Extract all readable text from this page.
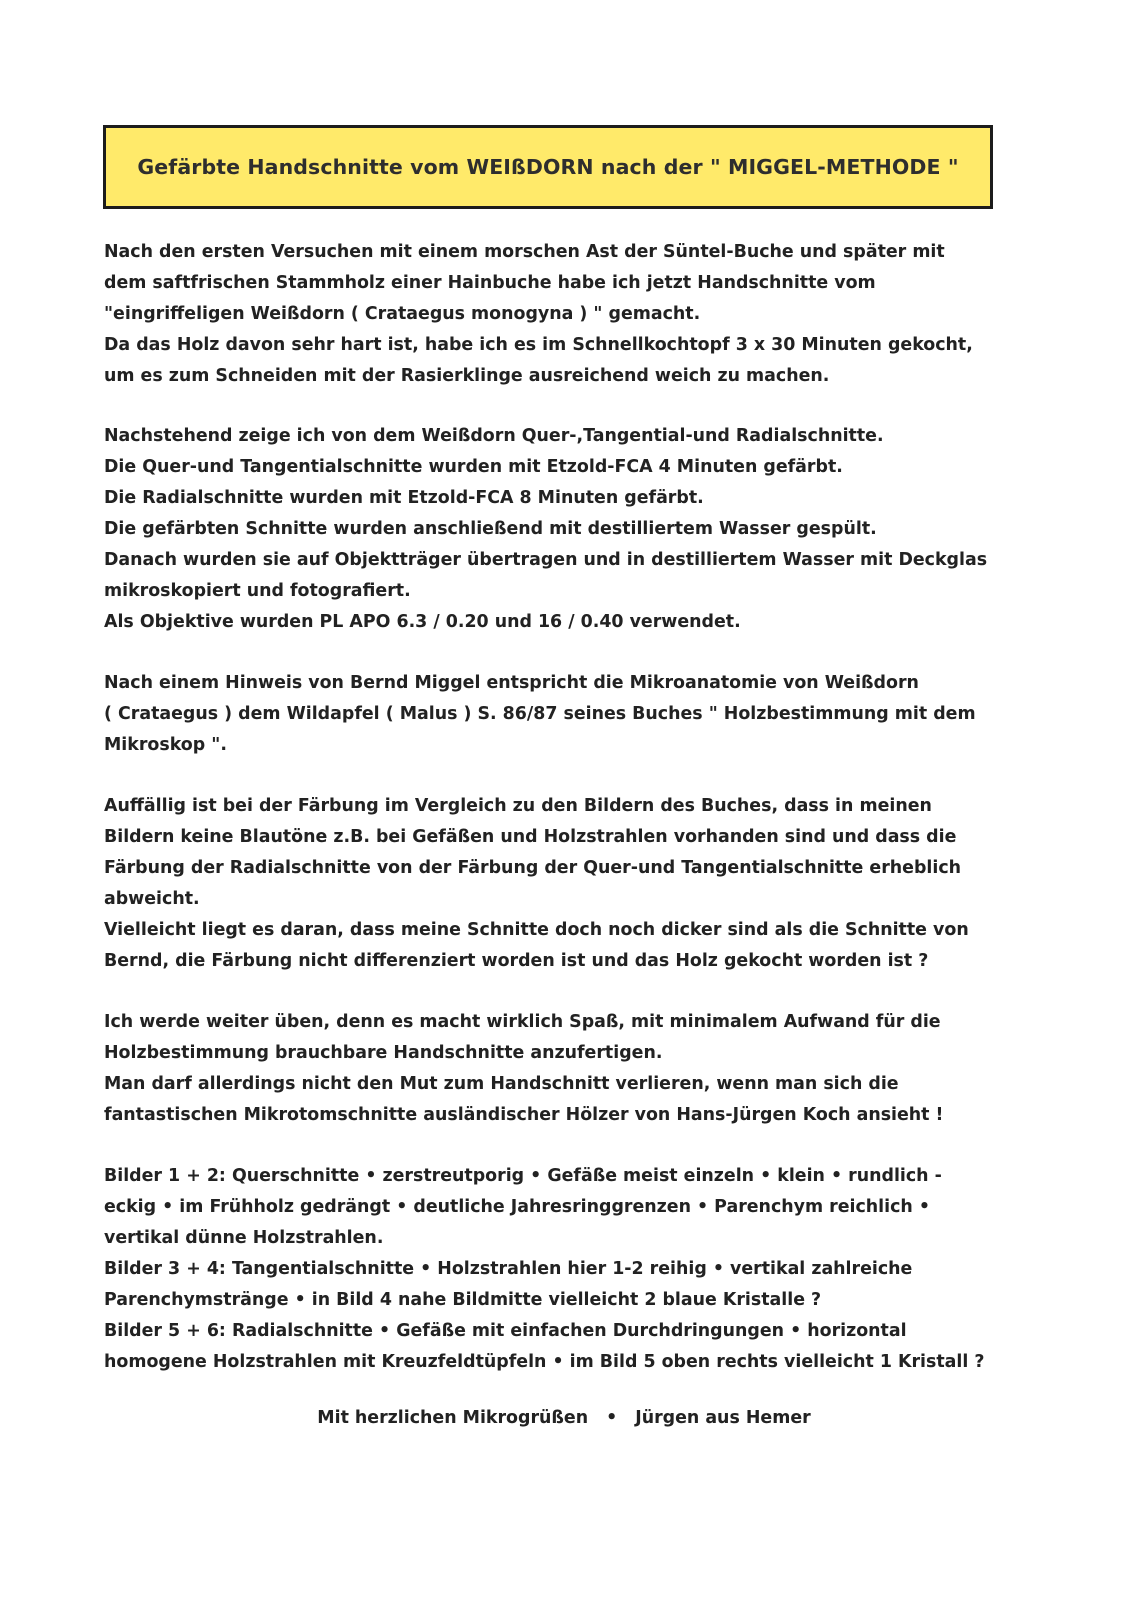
Gefärbte Handschnitte vom WEIßDORN nach der " MIGGEL-METHODE "
Nach den ersten Versuchen mit einem morschen Ast der Süntel-Buche und später mit
dem saftfrischen Stammholz einer Hainbuche habe ich jetzt Handschnitte vom
"eingriffeligen Weißdorn ( Crataegus monogyna ) " gemacht.
Da das Holz davon sehr hart ist, habe ich es im Schnellkochtopf 3 x 30 Minuten gekocht,
um es zum Schneiden mit der Rasierklinge ausreichend weich zu machen.
Nachstehend zeige ich von dem Weißdorn Quer-,Tangential-und Radialschnitte.
Die Quer-und Tangentialschnitte wurden mit Etzold-FCA 4 Minuten gefärbt.
Die Radialschnitte wurden mit Etzold-FCA 8 Minuten gefärbt.
Die gefärbten Schnitte wurden anschließend mit destilliertem Wasser gespült.
Danach wurden sie auf Objektträger übertragen und in destilliertem Wasser mit Deckglas
mikroskopiert und fotografiert.
Als Objektive wurden PL APO 6.3 / 0.20 und 16 / 0.40 verwendet.
Nach einem Hinweis von Bernd Miggel entspricht die Mikroanatomie von Weißdorn
( Crataegus ) dem Wildapfel ( Malus ) S. 86/87 seines Buches " Holzbestimmung mit dem
Mikroskop ".
Auffällig ist bei der Färbung im Vergleich zu den Bildern des Buches, dass in meinen
Bildern keine Blautöne z.B. bei Gefäßen und Holzstrahlen vorhanden sind und dass die
Färbung der Radialschnitte von der Färbung der Quer-und Tangentialschnitte erheblich
abweicht.
Vielleicht liegt es daran, dass meine Schnitte doch noch dicker sind als die Schnitte von
Bernd, die Färbung nicht differenziert worden ist und das Holz gekocht worden ist ?
Ich werde weiter üben, denn es macht wirklich Spaß, mit minimalem Aufwand für die
Holzbestimmung brauchbare Handschnitte anzufertigen.
Man darf allerdings nicht den Mut zum Handschnitt verlieren, wenn man sich die
fantastischen Mikrotomschnitte ausländischer Hölzer von Hans-Jürgen Koch ansieht !
Bilder 1 + 2: Querschnitte • zerstreutporig • Gefäße meist einzeln • klein • rundlich -
eckig • im Frühholz gedrängt • deutliche Jahresringgrenzen • Parenchym reichlich •
vertikal dünne Holzstrahlen.
Bilder 3 + 4: Tangentialschnitte • Holzstrahlen hier 1-2 reihig • vertikal zahlreiche
Parenchymstränge • in Bild 4 nahe Bildmitte vielleicht 2 blaue Kristalle ?
Bilder 5 + 6: Radialschnitte • Gefäße mit einfachen Durchdringungen • horizontal
homogene Holzstrahlen mit Kreuzfeldtüpfeln • im Bild 5 oben rechts vielleicht 1 Kristall ?
Mit herzlichen Mikrogrüßen • Jürgen aus Hemer
